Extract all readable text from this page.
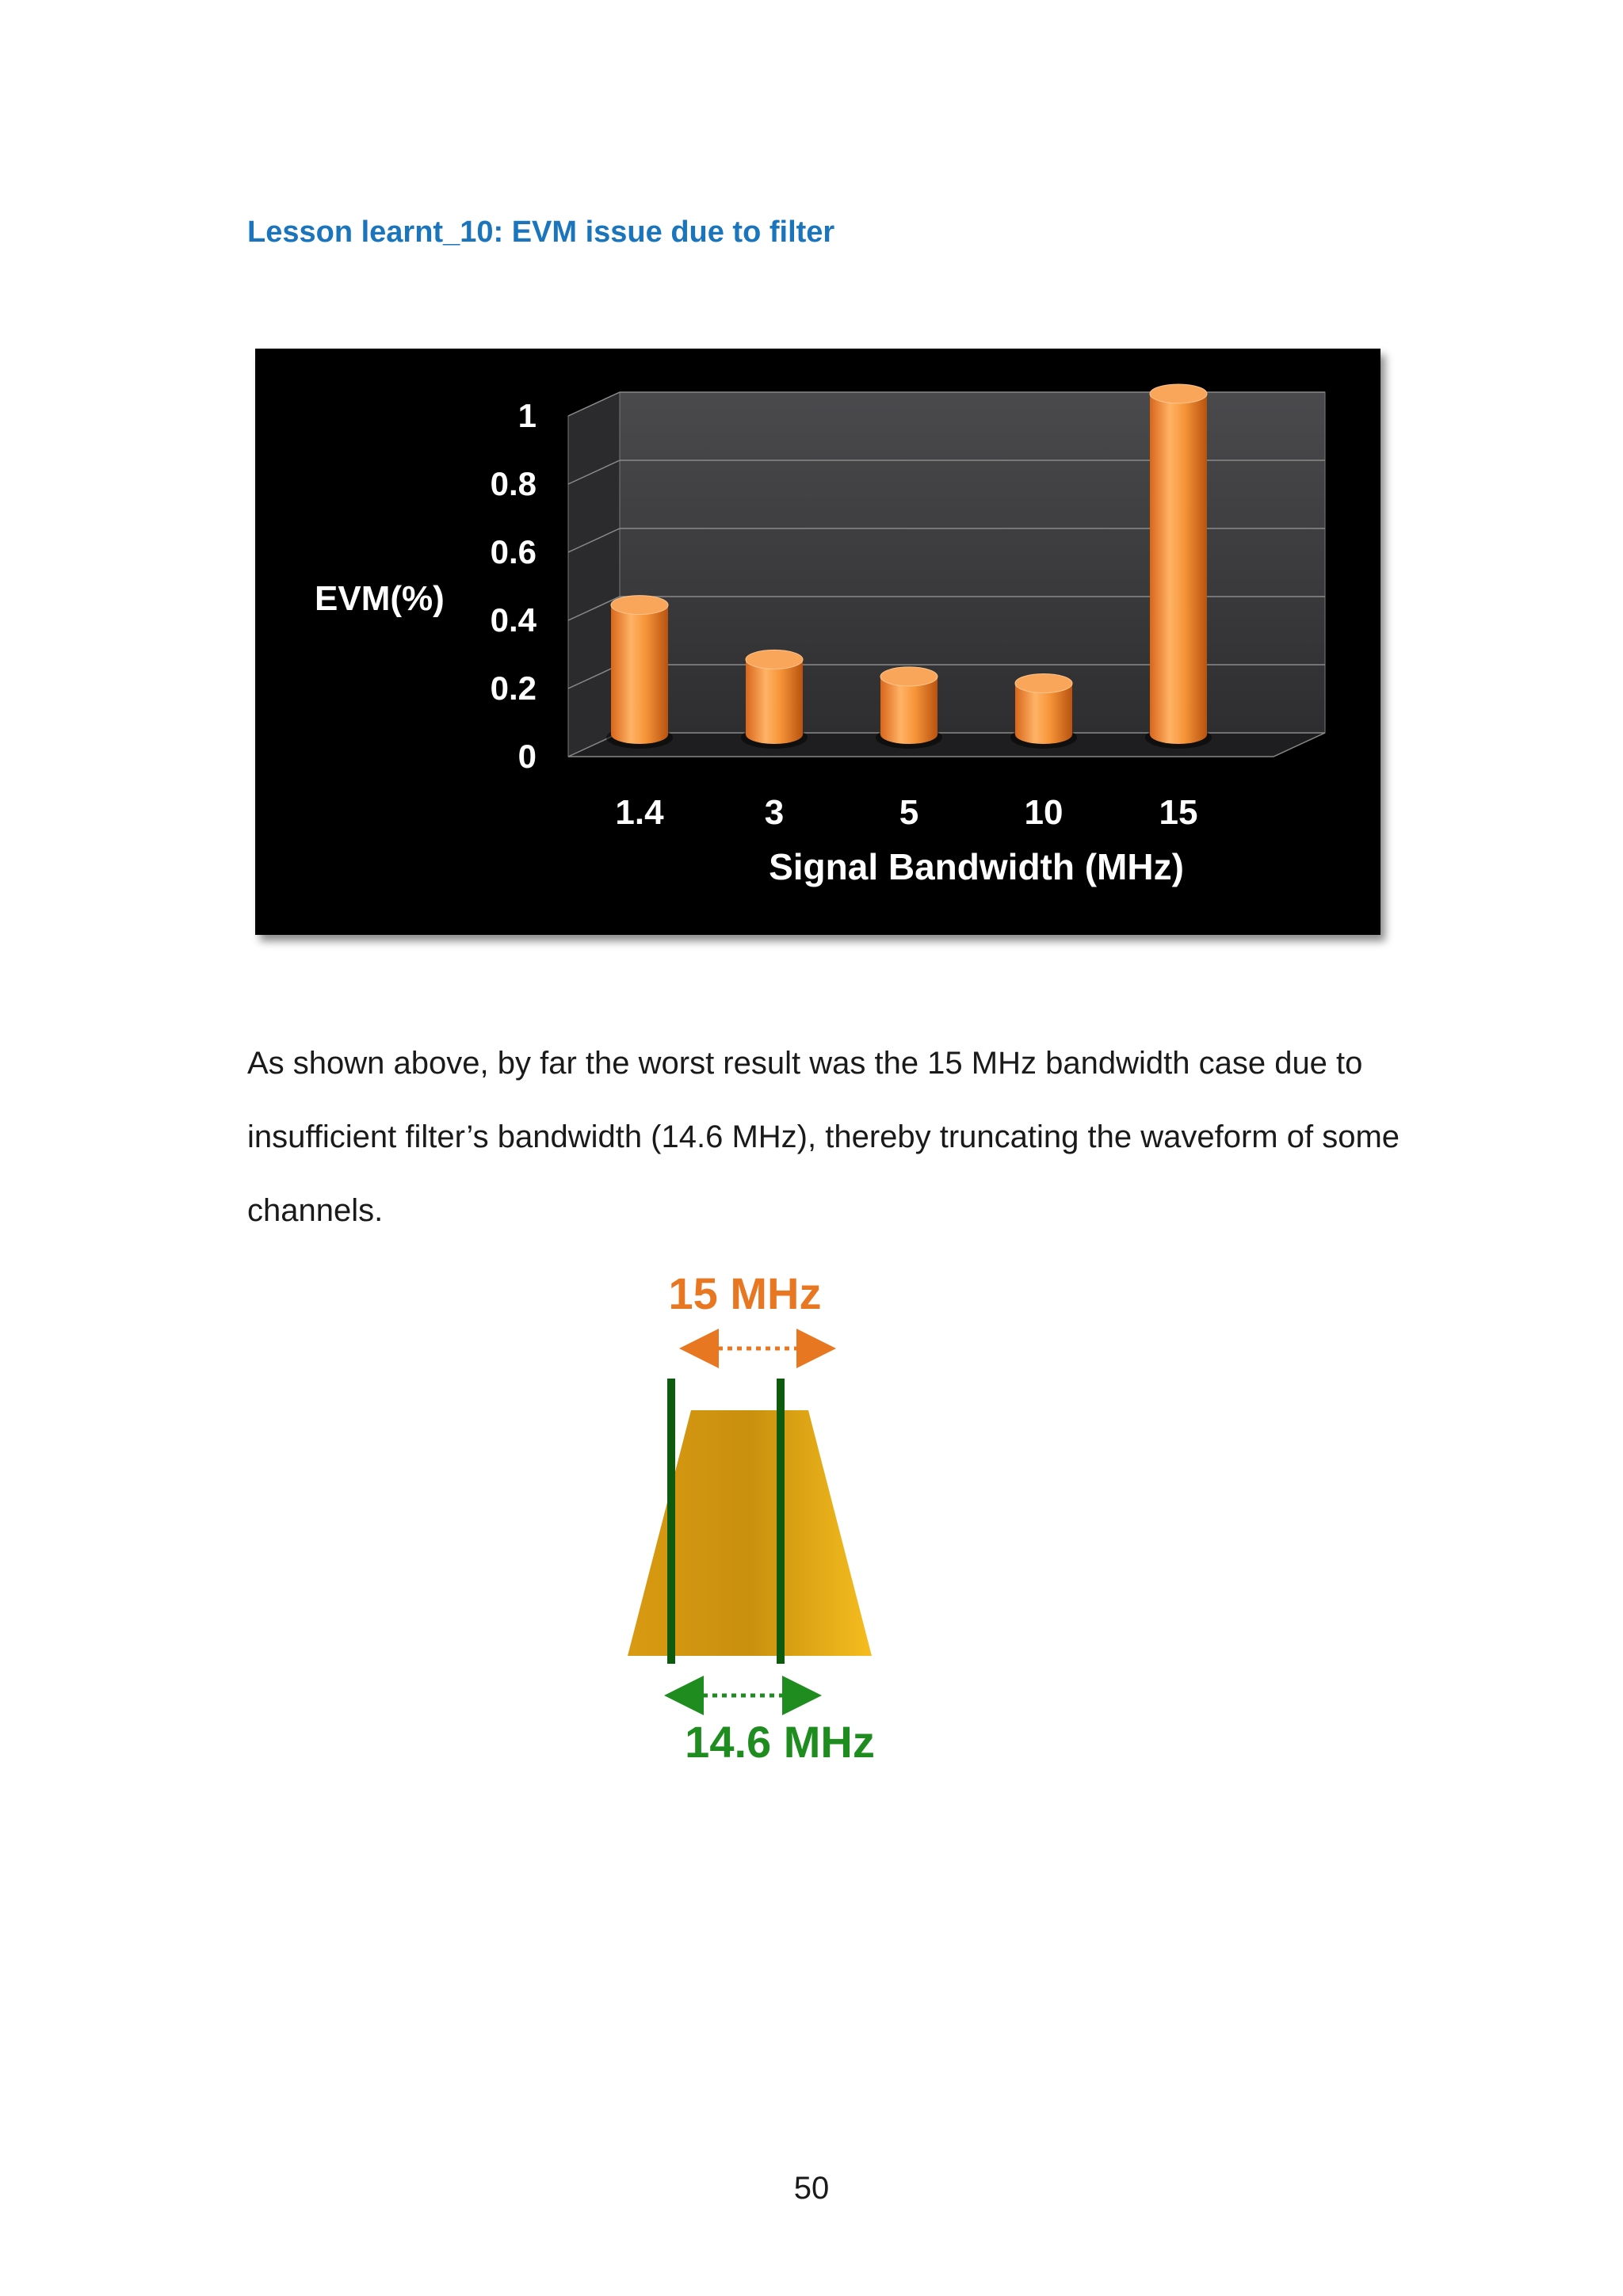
Lesson learnt_10: EVM issue due to filter
0
0.2
0.4
0.6
0.8
1
EVM(%)
1.4	3	5	10	15
Signal Bandwidth (MHz)

As shown above, by far the worst result was the 15 MHz bandwidth case due to insufficient filter’s bandwidth (14.6 MHz), thereby truncating the waveform of some channels.

15 MHz
14.6 MHz

50
